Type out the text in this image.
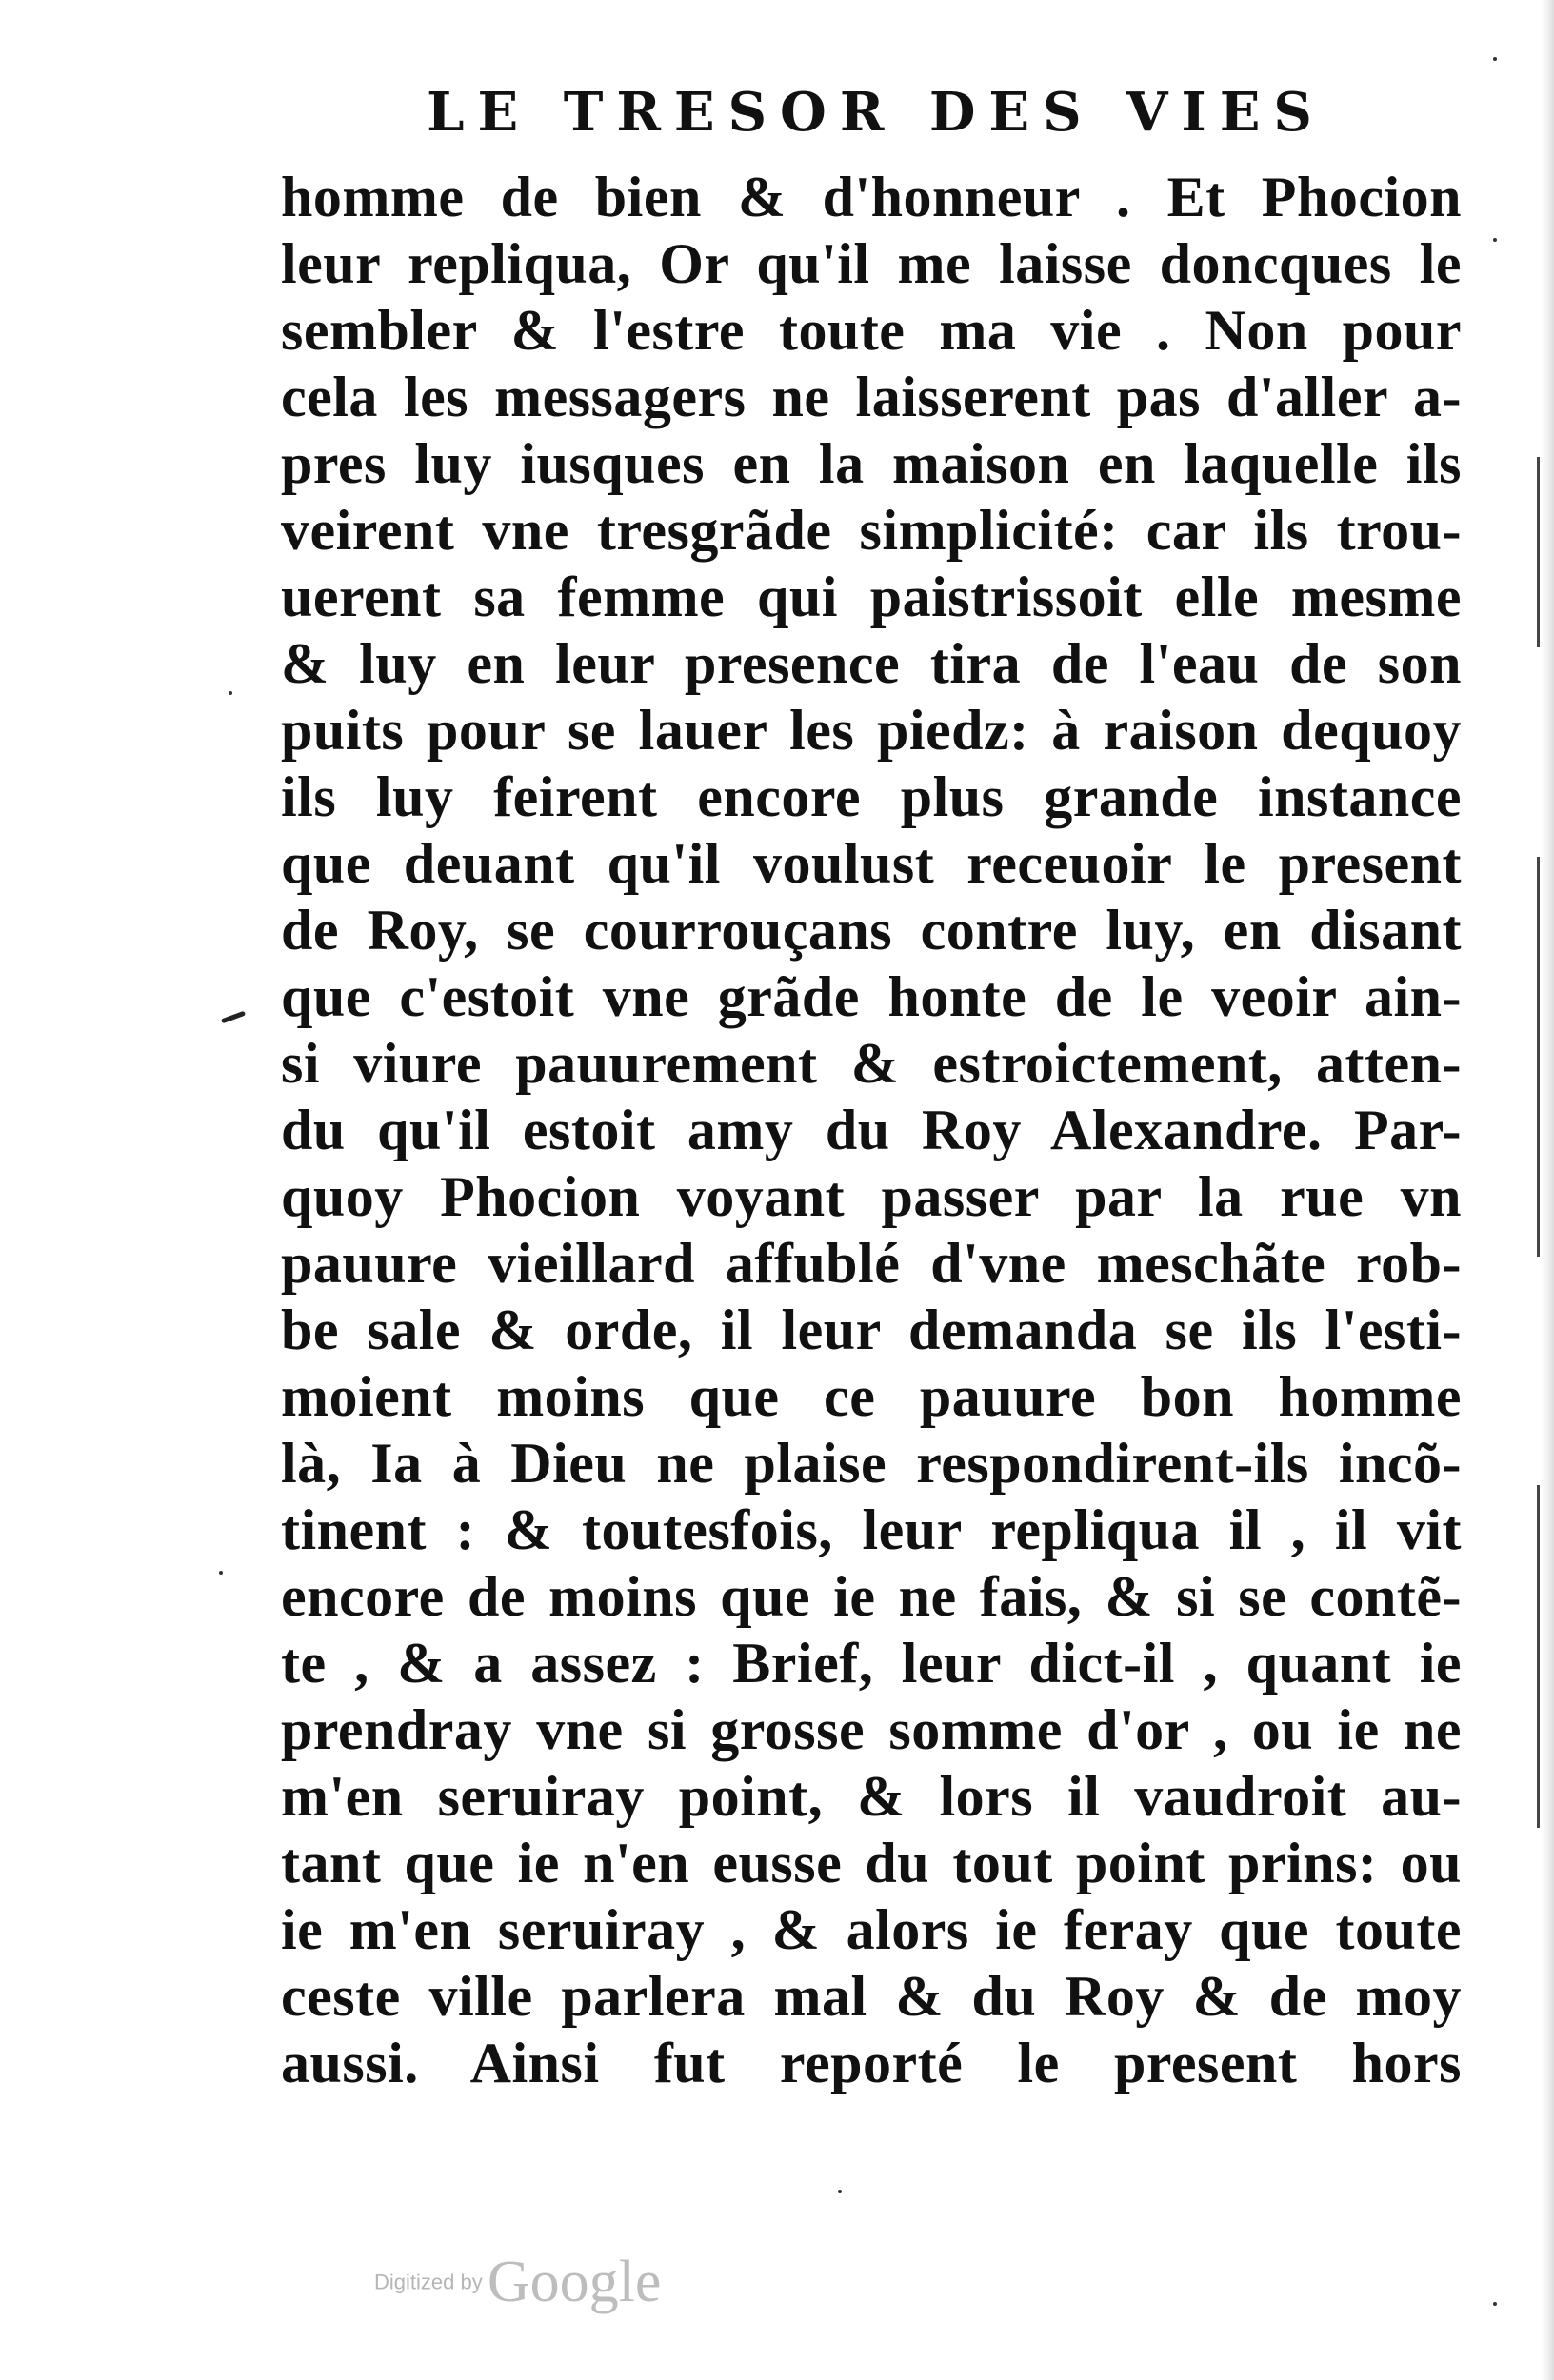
LE TRESOR DES VIES
homme de bien & d'honneur . Et Phocion
leur repliqua, Or qu'il me laisse doncques le
sembler & l'estre toute ma vie . Non pour
cela les messagers ne laisserent pas d'aller a-
pres luy iusques en la maison en laquelle ils
veirent vne tresgrãde simplicité: car ils trou-
uerent sa femme qui paistrissoit elle mesme
& luy en leur presence tira de l'eau de son
puits pour se lauer les piedz: à raison dequoy
ils luy feirent encore plus grande instance
que deuant qu'il voulust receuoir le present
de Roy, se courrouçans contre luy, en disant
que c'estoit vne grãde honte de le veoir ain-
si viure pauurement & estroictement, atten-
du qu'il estoit amy du Roy Alexandre. Par-
quoy Phocion voyant passer par la rue vn
pauure vieillard affublé d'vne meschãte rob-
be sale & orde, il leur demanda se ils l'esti-
moient moins que ce pauure bon homme
là, Ia à Dieu ne plaise respondirent-ils incõ-
tinent : & toutesfois, leur repliqua il , il vit
encore de moins que ie ne fais, & si se contẽ-
te , & a assez : Brief, leur dict-il , quant ie
prendray vne si grosse somme d'or , ou ie ne
m'en seruiray point, & lors il vaudroit au-
tant que ie n'en eusse du tout point prins: ou
ie m'en seruiray , & alors ie feray que toute
ceste ville parlera mal & du Roy & de moy
aussi. Ainsi fut reporté le present hors
Digitized by Google
